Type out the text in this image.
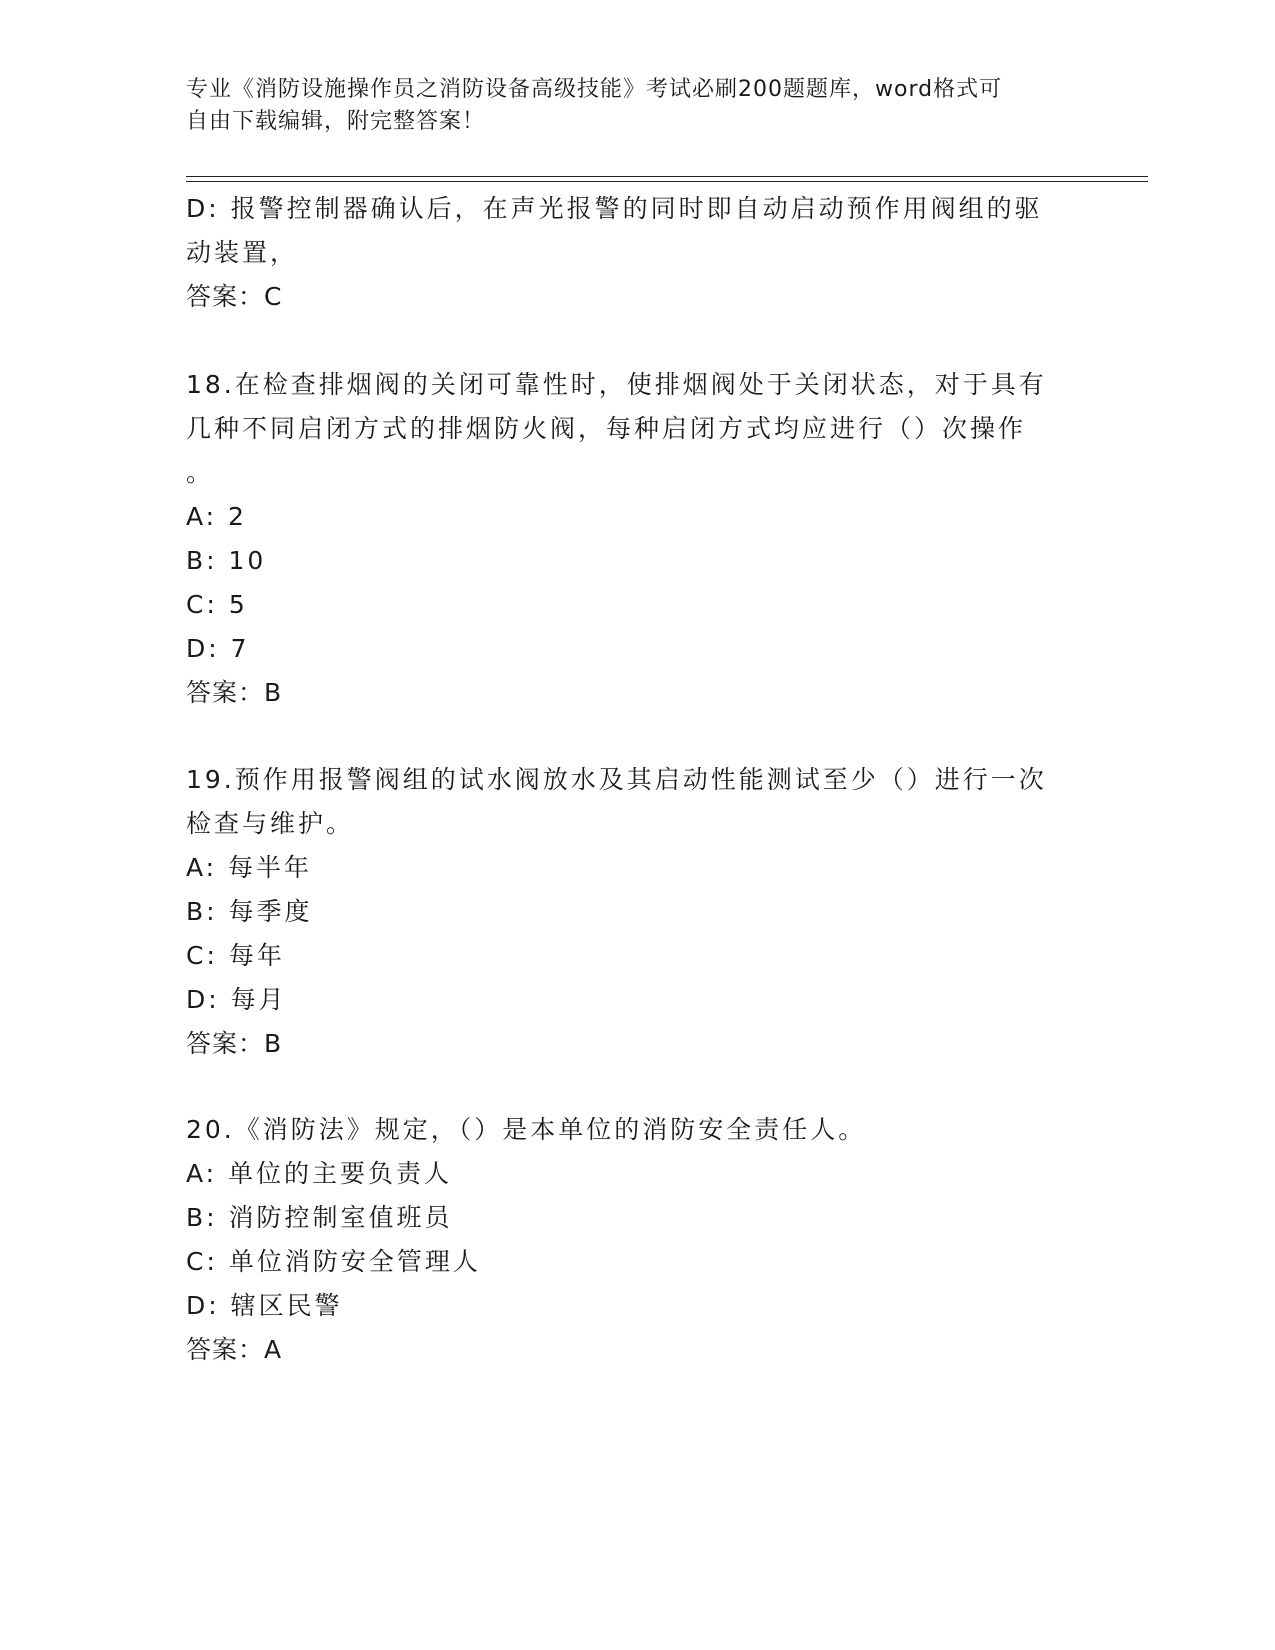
专业《消防设施操作员之消防设备高级技能》考试必刷200题题库，word格式可
自由下载编辑，附完整答案！
D: 报警控制器确认后，在声光报警的同时即自动启动预作用阀组的驱
动装置，
答案：C
18.在检查排烟阀的关闭可靠性时，使排烟阀处于关闭状态，对于具有
几种不同启闭方式的排烟防火阀，每种启闭方式均应进行（）次操作
。
A: 2
B: 10
C: 5
D: 7
答案：B
19.预作用报警阀组的试水阀放水及其启动性能测试至少（）进行一次
检查与维护。
A: 每半年
B: 每季度
C: 每年
D: 每月
答案：B
20.《消防法》规定，（）是本单位的消防安全责任人。
A: 单位的主要负责人
B: 消防控制室值班员
C: 单位消防安全管理人
D: 辖区民警
答案：A
